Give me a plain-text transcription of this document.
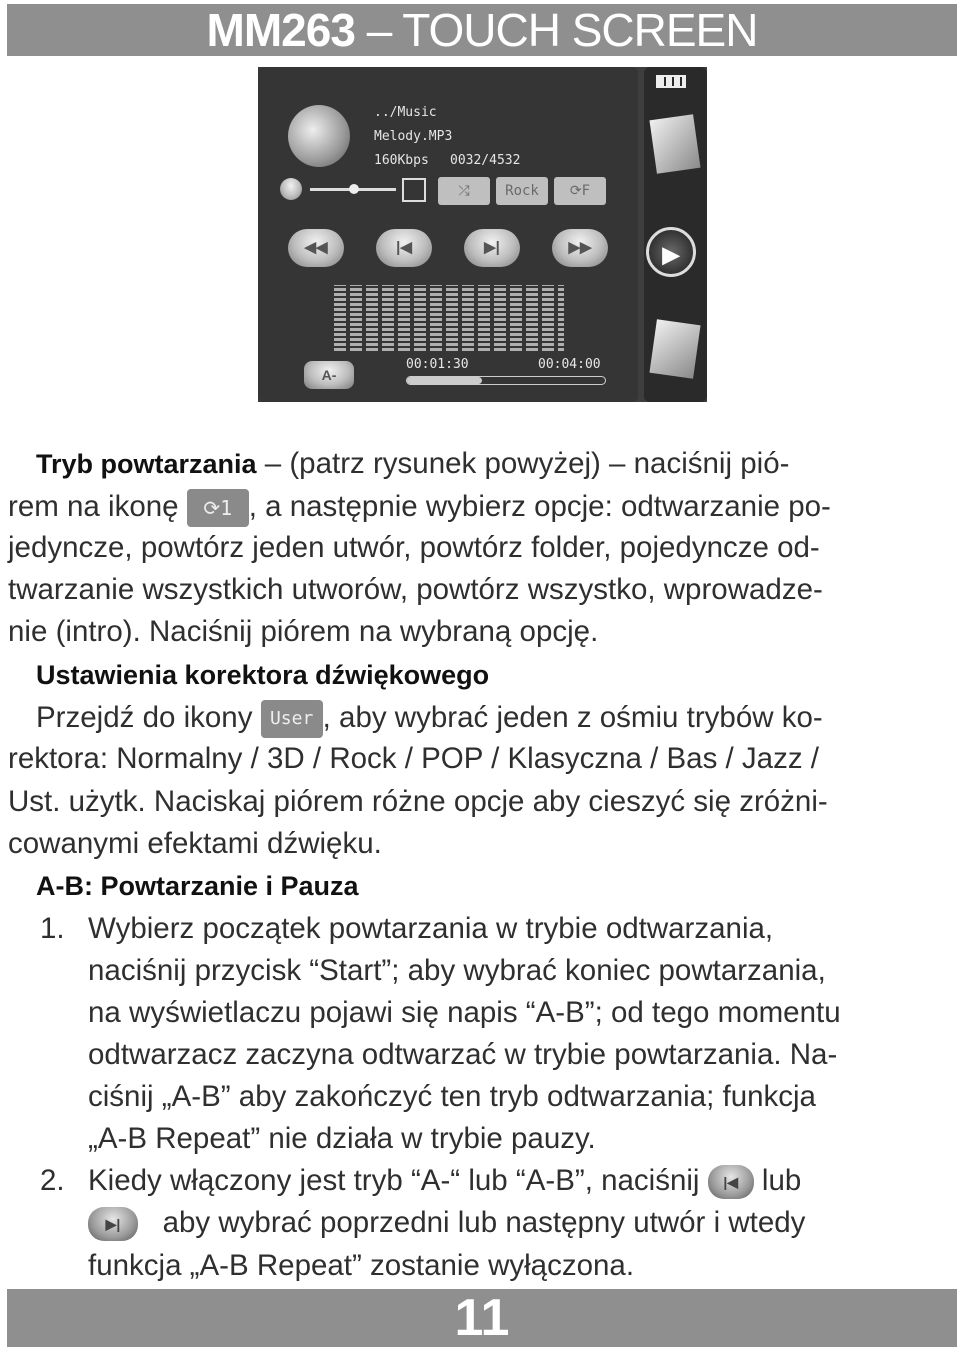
MM263 – TOUCH SCREEN
../Music
Melody.MP3
160Kbps 0032/4532
⤮	Rock	⟳F
◀◀	|◀	▶|	▶▶
A-
00:01:30	00:04:00
▶
Tryb powtarzania – (patrz rysunek powyżej) – naciśnij pió-
rem na ikonę ⟳1 , a następnie wybierz opcje: odtwarzanie po-
jedyncze, powtórz jeden utwór, powtórz folder, pojedyncze od-
twarzanie wszystkich utworów, powtórz wszystko, wprowadze-
nie (intro). Naciśnij piórem na wybraną opcję.
Ustawienia korektora dźwiękowego
Przejdź do ikony User , aby wybrać jeden z ośmiu trybów ko-
rektora: Normalny / 3D / Rock / POP / Klasyczna / Bas / Jazz /
Ust. użytk. Naciskaj piórem różne opcje aby cieszyć się zróżni-
cowanymi efektami dźwięku.
A-B: Powtarzanie i Pauza
1. Wybierz początek powtarzania w trybie odtwarzania,
naciśnij przycisk “Start”; aby wybrać koniec powtarzania,
na wyświetlaczu pojawi się napis “A-B”; od tego momentu
odtwarzacz zaczyna odtwarzać w trybie powtarzania. Na-
ciśnij „A-B” aby zakończyć ten tryb odtwarzania; funkcja
„A-B Repeat” nie działa w trybie pauzy.
2. Kiedy włączony jest tryb “A-“ lub “A-B”, naciśnij |◀ lub
▶| aby wybrać poprzedni lub następny utwór i wtedy
funkcja „A-B Repeat” zostanie wyłączona.
11
